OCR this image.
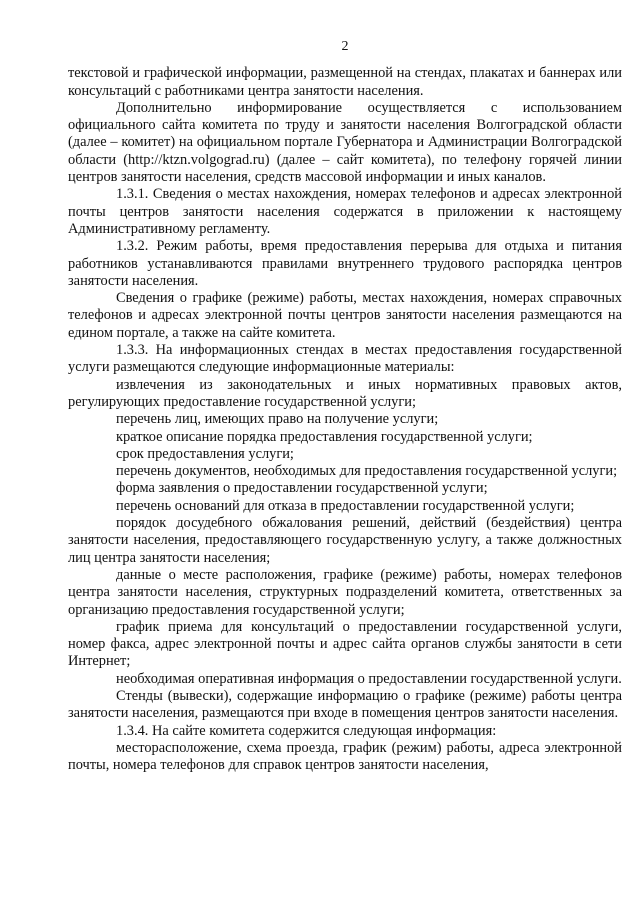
2

текстовой и графической информации, размещенной на стендах, плакатах и баннерах или консультаций с работниками центра занятости населения.

Дополнительно информирование осуществляется с использованием официального сайта комитета по труду и занятости населения Волгоградской области (далее – комитет) на официальном портале Губернатора и Администрации Волгоградской области (http://ktzn.volgograd.ru) (далее – сайт комитета), по телефону горячей линии центров занятости населения, средств массовой информации и иных каналов.

1.3.1. Сведения о местах нахождения, номерах телефонов и адресах электронной почты центров занятости населения содержатся в приложении к настоящему Административному регламенту.

1.3.2. Режим работы, время предоставления перерыва для отдыха и питания работников устанавливаются правилами внутреннего трудового распорядка центров занятости населения.

Сведения о графике (режиме) работы, местах нахождения, номерах справочных телефонов и адресах электронной почты центров занятости населения размещаются на едином портале, а также на сайте комитета.

1.3.3. На информационных стендах в местах предоставления государственной услуги размещаются следующие информационные материалы:

извлечения из законодательных и иных нормативных правовых актов, регулирующих предоставление государственной услуги;

перечень лиц, имеющих право на получение услуги;

краткое описание порядка предоставления государственной услуги;

срок предоставления услуги;

перечень документов, необходимых для предоставления государственной услуги;

форма заявления о предоставлении государственной услуги;

перечень оснований для отказа в предоставлении государственной услуги;

порядок досудебного обжалования решений, действий (бездействия) центра занятости населения, предоставляющего государственную услугу, а также должностных лиц центра занятости населения;

данные о месте расположения, графике (режиме) работы, номерах телефонов центра занятости населения, структурных подразделений комитета, ответственных за организацию предоставления государственной услуги;

график приема для консультаций о предоставлении государственной услуги, номер факса, адрес электронной почты и адрес сайта органов службы занятости в сети Интернет;

необходимая оперативная информация о предоставлении государственной услуги.

Стенды (вывески), содержащие информацию о графике (режиме) работы центра занятости населения, размещаются при входе в помещения центров занятости населения.

1.3.4. На сайте комитета содержится следующая информация:

месторасположение, схема проезда, график (режим) работы, адреса электронной почты, номера телефонов для справок центров занятости населения,
